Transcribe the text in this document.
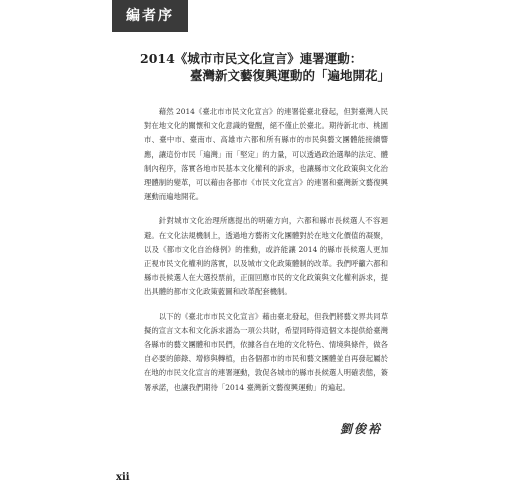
編者序
2014《城市市民文化宣言》連署運動：
臺灣新文藝復興運動的「遍地開花」

藉然 2014《臺北市市民文化宣言》的連署從臺北發起，但對臺灣人民對在地文化的關懷和文化意識的覺醒，絕不僅止於臺北。期待新北市、桃園市、臺中市、臺南市、高雄市六都和所有縣市的市民與藝文團體能接續響應，讓這份市民「遍灣」而「堅定」的力量，可以透過政治選舉的法定、體制內程序，落實各地市民基本文化權利的訴求，也讓縣市文化政策與文化治理體制的變革，可以藉由各都市《市民文化宣言》的連署和臺灣新文藝復興運動而遍地開花。

針對城市文化治理所應提出的明確方向，六都和縣市長候選人不容迴避。在文化法規機制上，透過地方藝術文化團體對於在地文化價值的凝聚，以及《都市文化自治條例》的推動，或許能讓 2014 的縣市長候選人更加正視市民文化權利的落實，以及城市文化政策體制的改革。我們呼籲六都和縣市長候選人在大選投票前，正面回應市民的文化政策與文化權利訴求，提出具體的都市文化政策藍圖和改革配套機制。

以下的《臺北市市民文化宣言》藉由臺北發起，但我們將藝文界共同草擬的宣言文本和文化訴求譜為一項公共財，希望同時得這個文本提供給臺灣各縣市的藝文團體和市民們，依據各自在地的文化特色、情境與條件，做各自必要的節錄、增修與轉植，由各個都市的市民和藝文團體並自再發起屬於在地的市民文化宣言的連署運動，敦促各城市的縣市長候選人明確表態，簽署承諾，也讓我們期待「2014 臺灣新文藝復興運動」的遍起。

劉俊裕
xii
